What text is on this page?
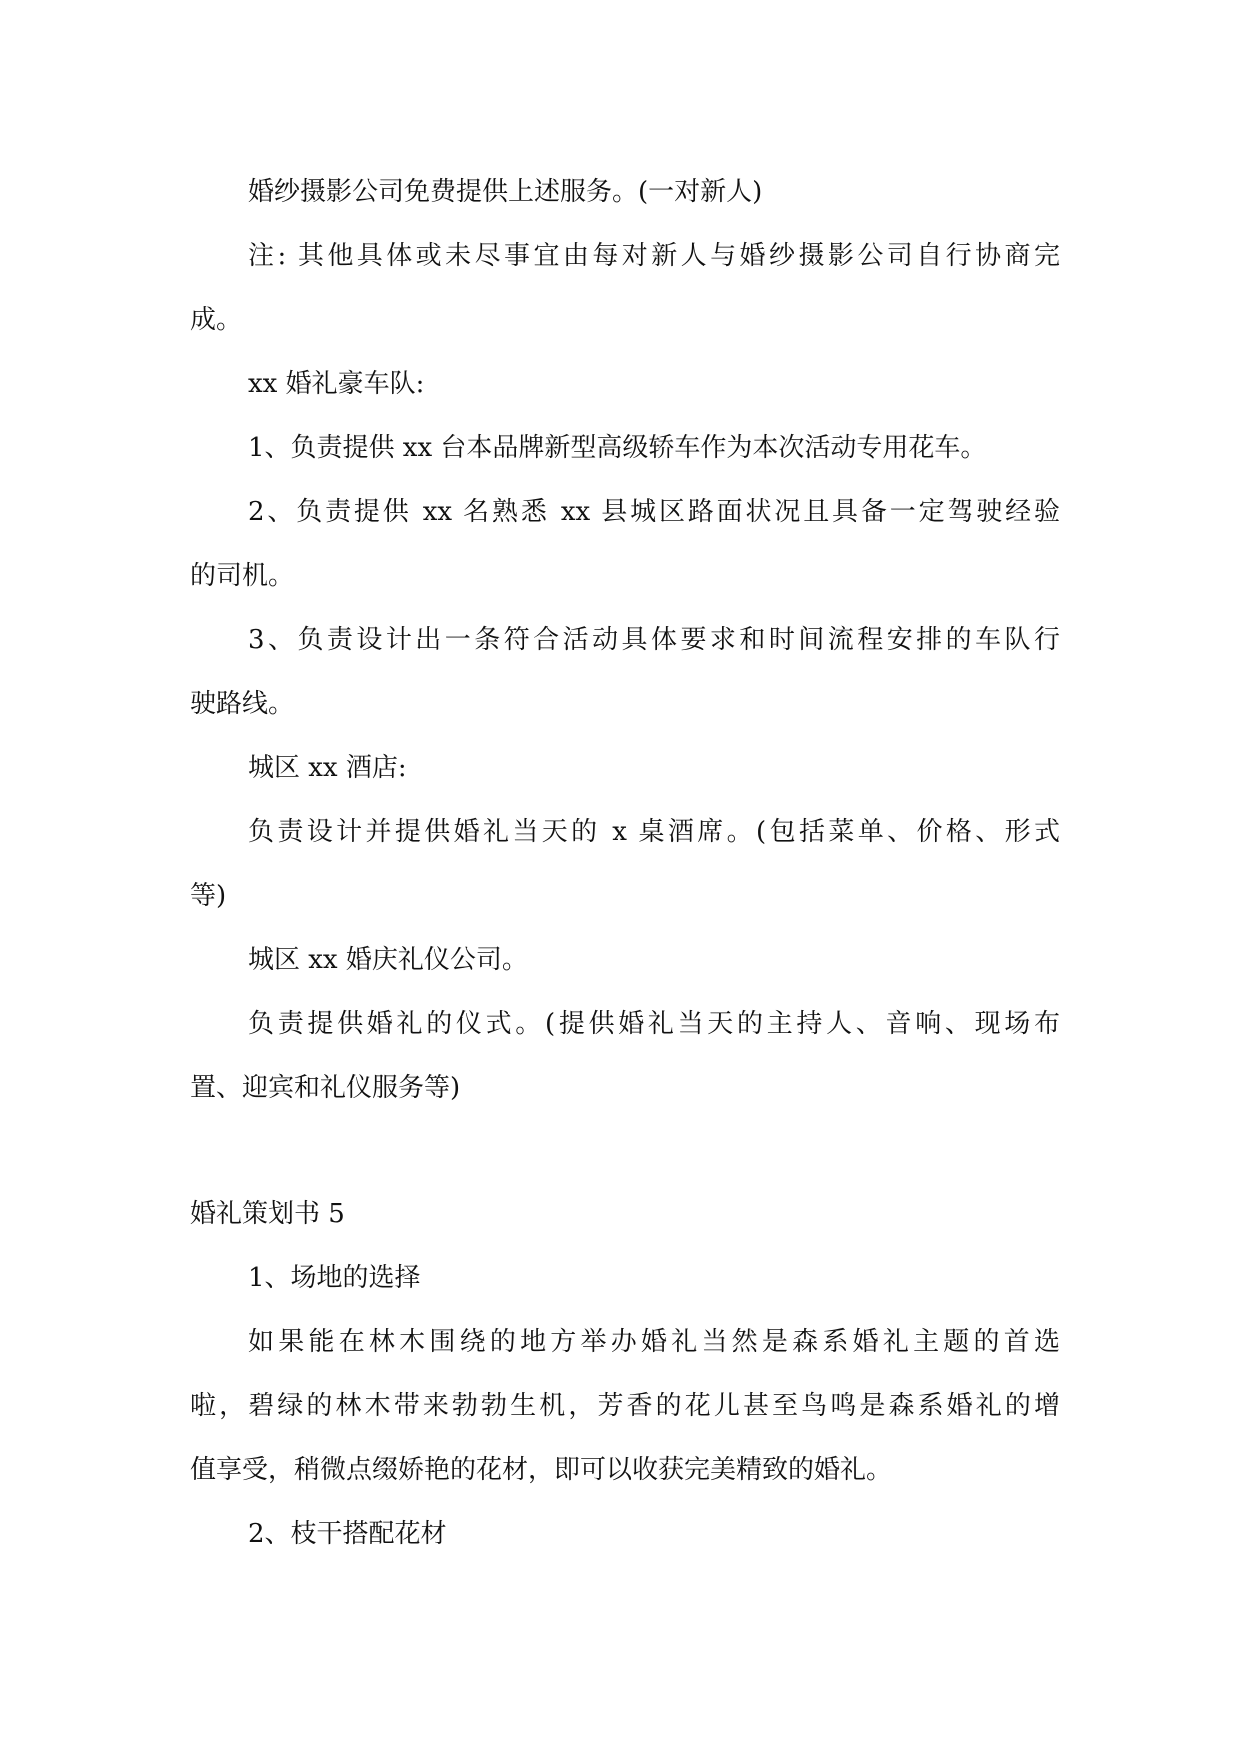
婚纱摄影公司免费提供上述服务。(一对新人)
注: 其他具体或未尽事宜由每对新人与婚纱摄影公司自行协商完
成。
xx 婚礼豪车队:
1、负责提供 xx 台本品牌新型高级轿车作为本次活动专用花车。
2、负责提供 xx 名熟悉 xx 县城区路面状况且具备一定驾驶经验
的司机。
3、负责设计出一条符合活动具体要求和时间流程安排的车队行
驶路线。
城区 xx 酒店:
负责设计并提供婚礼当天的 x 桌酒席。(包括菜单、价格、形式
等)
城区 xx 婚庆礼仪公司。
负责提供婚礼的仪式。(提供婚礼当天的主持人、音响、现场布
置、迎宾和礼仪服务等)
婚礼策划书 5
1、场地的选择
如果能在林木围绕的地方举办婚礼当然是森系婚礼主题的首选
啦，碧绿的林木带来勃勃生机，芳香的花儿甚至鸟鸣是森系婚礼的增
值享受，稍微点缀娇艳的花材，即可以收获完美精致的婚礼。
2、枝干搭配花材
